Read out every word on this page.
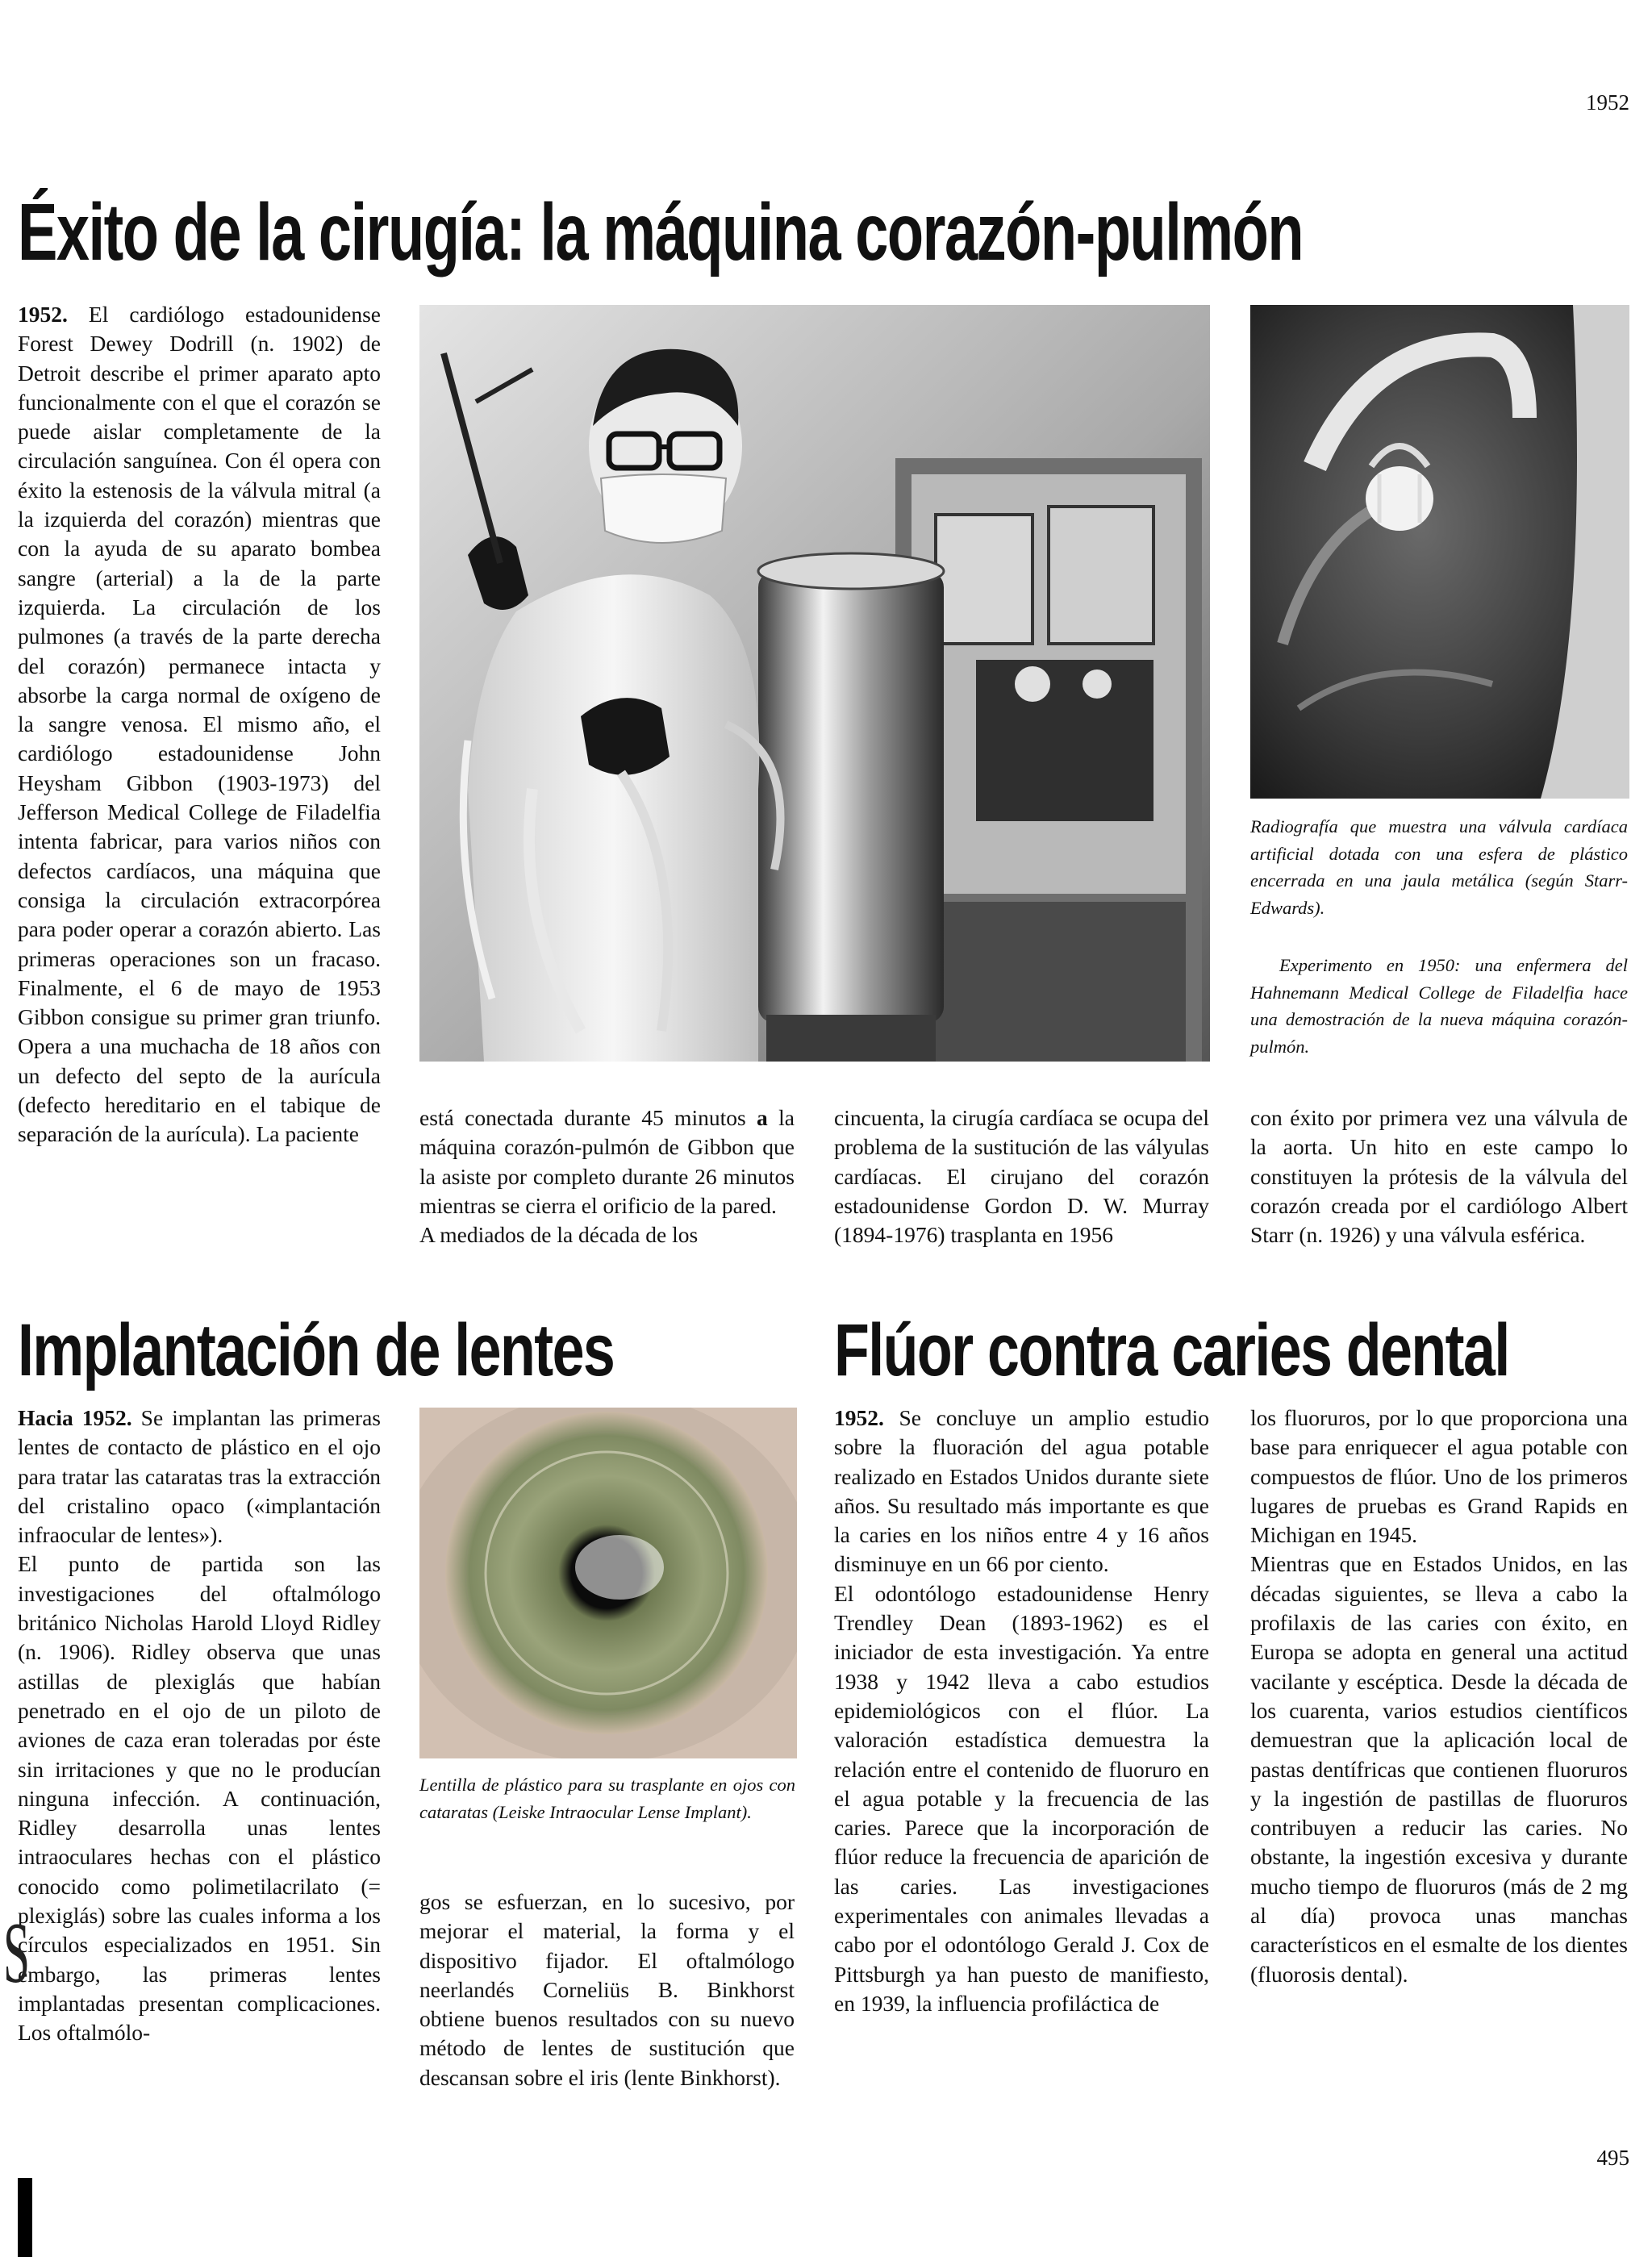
1952
495
Éxito de la cirugía: la máquina corazón-pulmón

1952. El cardiólogo estadounidense Forest Dewey Dodrill (n. 1902) de Detroit describe el primer aparato apto funcionalmente con el que el corazón se puede aislar completamente de la circulación sanguínea. Con él opera con éxito la estenosis de la válvula mitral (a la izquierda del corazón) mientras que con la ayuda de su aparato bombea sangre (arterial) a la de la parte izquierda. La circulación de los pulmones (a través de la parte derecha del corazón) permanece intacta y absorbe la carga normal de oxígeno de la sangre venosa. El mismo año, el cardiólogo estadounidense John Heysham Gibbon (1903-1973) del Jefferson Medical College de Filadelfia intenta fabricar, para varios niños con defectos cardíacos, una máquina que consiga la circulación extracorpórea para poder operar a corazón abierto. Las primeras operaciones son un fracaso. Finalmente, el 6 de mayo de 1953 Gibbon consigue su primer gran triunfo. Opera a una muchacha de 18 años con un defecto del septo de la aurícula (defecto hereditario en el tabique de separación de la aurícula). La paciente

Radiografía que muestra una válvula cardíaca artificial dotada con una esfera de plástico encerrada en una jaula metálica (según Starr-Edwards).

Experimento en 1950: una enfermera del Hahnemann Medical College de Filadelfia hace una demostración de la nueva máquina corazón-pulmón.

está conectada durante 45 minutos a la máquina corazón-pulmón de Gibbon que la asiste por completo durante 26 minutos mientras se cierra el orificio de la pared.

A mediados de la década de los

cincuenta, la cirugía cardíaca se ocupa del problema de la sustitución de las vályulas cardíacas. El cirujano del corazón estadounidense Gordon D. W. Murray (1894-1976) trasplanta en 1956

con éxito por primera vez una válvula de la aorta. Un hito en este campo lo constituyen la prótesis de la válvula del corazón creada por el cardiólogo Albert Starr (n. 1926) y una válvula esférica.

Implantación de lentes

Hacia 1952. Se implantan las primeras lentes de contacto de plástico en el ojo para tratar las cataratas tras la extracción del cristalino opaco («implantación infraocular de lentes»).

El punto de partida son las investigaciones del oftalmólogo británico Nicholas Harold Lloyd Ridley (n. 1906). Ridley observa que unas astillas de plexiglás que habían penetrado en el ojo de un piloto de aviones de caza eran toleradas por éste sin irritaciones y que no le producían ninguna infección. A continuación, Ridley desarrolla unas lentes intraoculares hechas con el plástico conocido como polimetilacrilato (= plexiglás) sobre las cuales informa a los círculos especializados en 1951. Sin embargo, las primeras lentes implantadas presentan complicaciones. Los oftalmólo-

S

Lentilla de plástico para su trasplante en ojos con cataratas (Leiske Intraocular Lense Implant).

gos se esfuerzan, en lo sucesivo, por mejorar el material, la forma y el dispositivo fijador. El oftalmólogo neerlandés Corneliüs B. Binkhorst obtiene buenos resultados con su nuevo método de lentes de sustitución que descansan sobre el iris (lente Binkhorst).

Flúor contra caries dental

1952. Se concluye un amplio estudio sobre la fluoración del agua potable realizado en Estados Unidos durante siete años. Su resultado más importante es que la caries en los niños entre 4 y 16 años disminuye en un 66 por ciento.

El odontólogo estadounidense Henry Trendley Dean (1893-1962) es el iniciador de esta investigación. Ya entre 1938 y 1942 lleva a cabo estudios epidemiológicos con el flúor. La valoración estadística demuestra la relación entre el contenido de fluoruro en el agua potable y la frecuencia de las caries. Parece que la incorporación de flúor reduce la frecuencia de aparición de las caries. Las investigaciones experimentales con animales llevadas a cabo por el odontólogo Gerald J. Cox de Pittsburgh ya han puesto de manifiesto, en 1939, la influencia profiláctica de

los fluoruros, por lo que proporciona una base para enriquecer el agua potable con compuestos de flúor. Uno de los primeros lugares de pruebas es Grand Rapids en Michigan en 1945.

Mientras que en Estados Unidos, en las décadas siguientes, se lleva a cabo la profilaxis de las caries con éxito, en Europa se adopta en general una actitud vacilante y escéptica. Desde la década de los cuarenta, varios estudios científicos demuestran que la aplicación local de pastas dentífricas que contienen fluoruros y la ingestión de pastillas de fluoruros contribuyen a reducir las caries. No obstante, la ingestión excesiva y durante mucho tiempo de fluoruros (más de 2 mg al día) provoca unas manchas característicos en el esmalte de los dientes (fluorosis dental).
